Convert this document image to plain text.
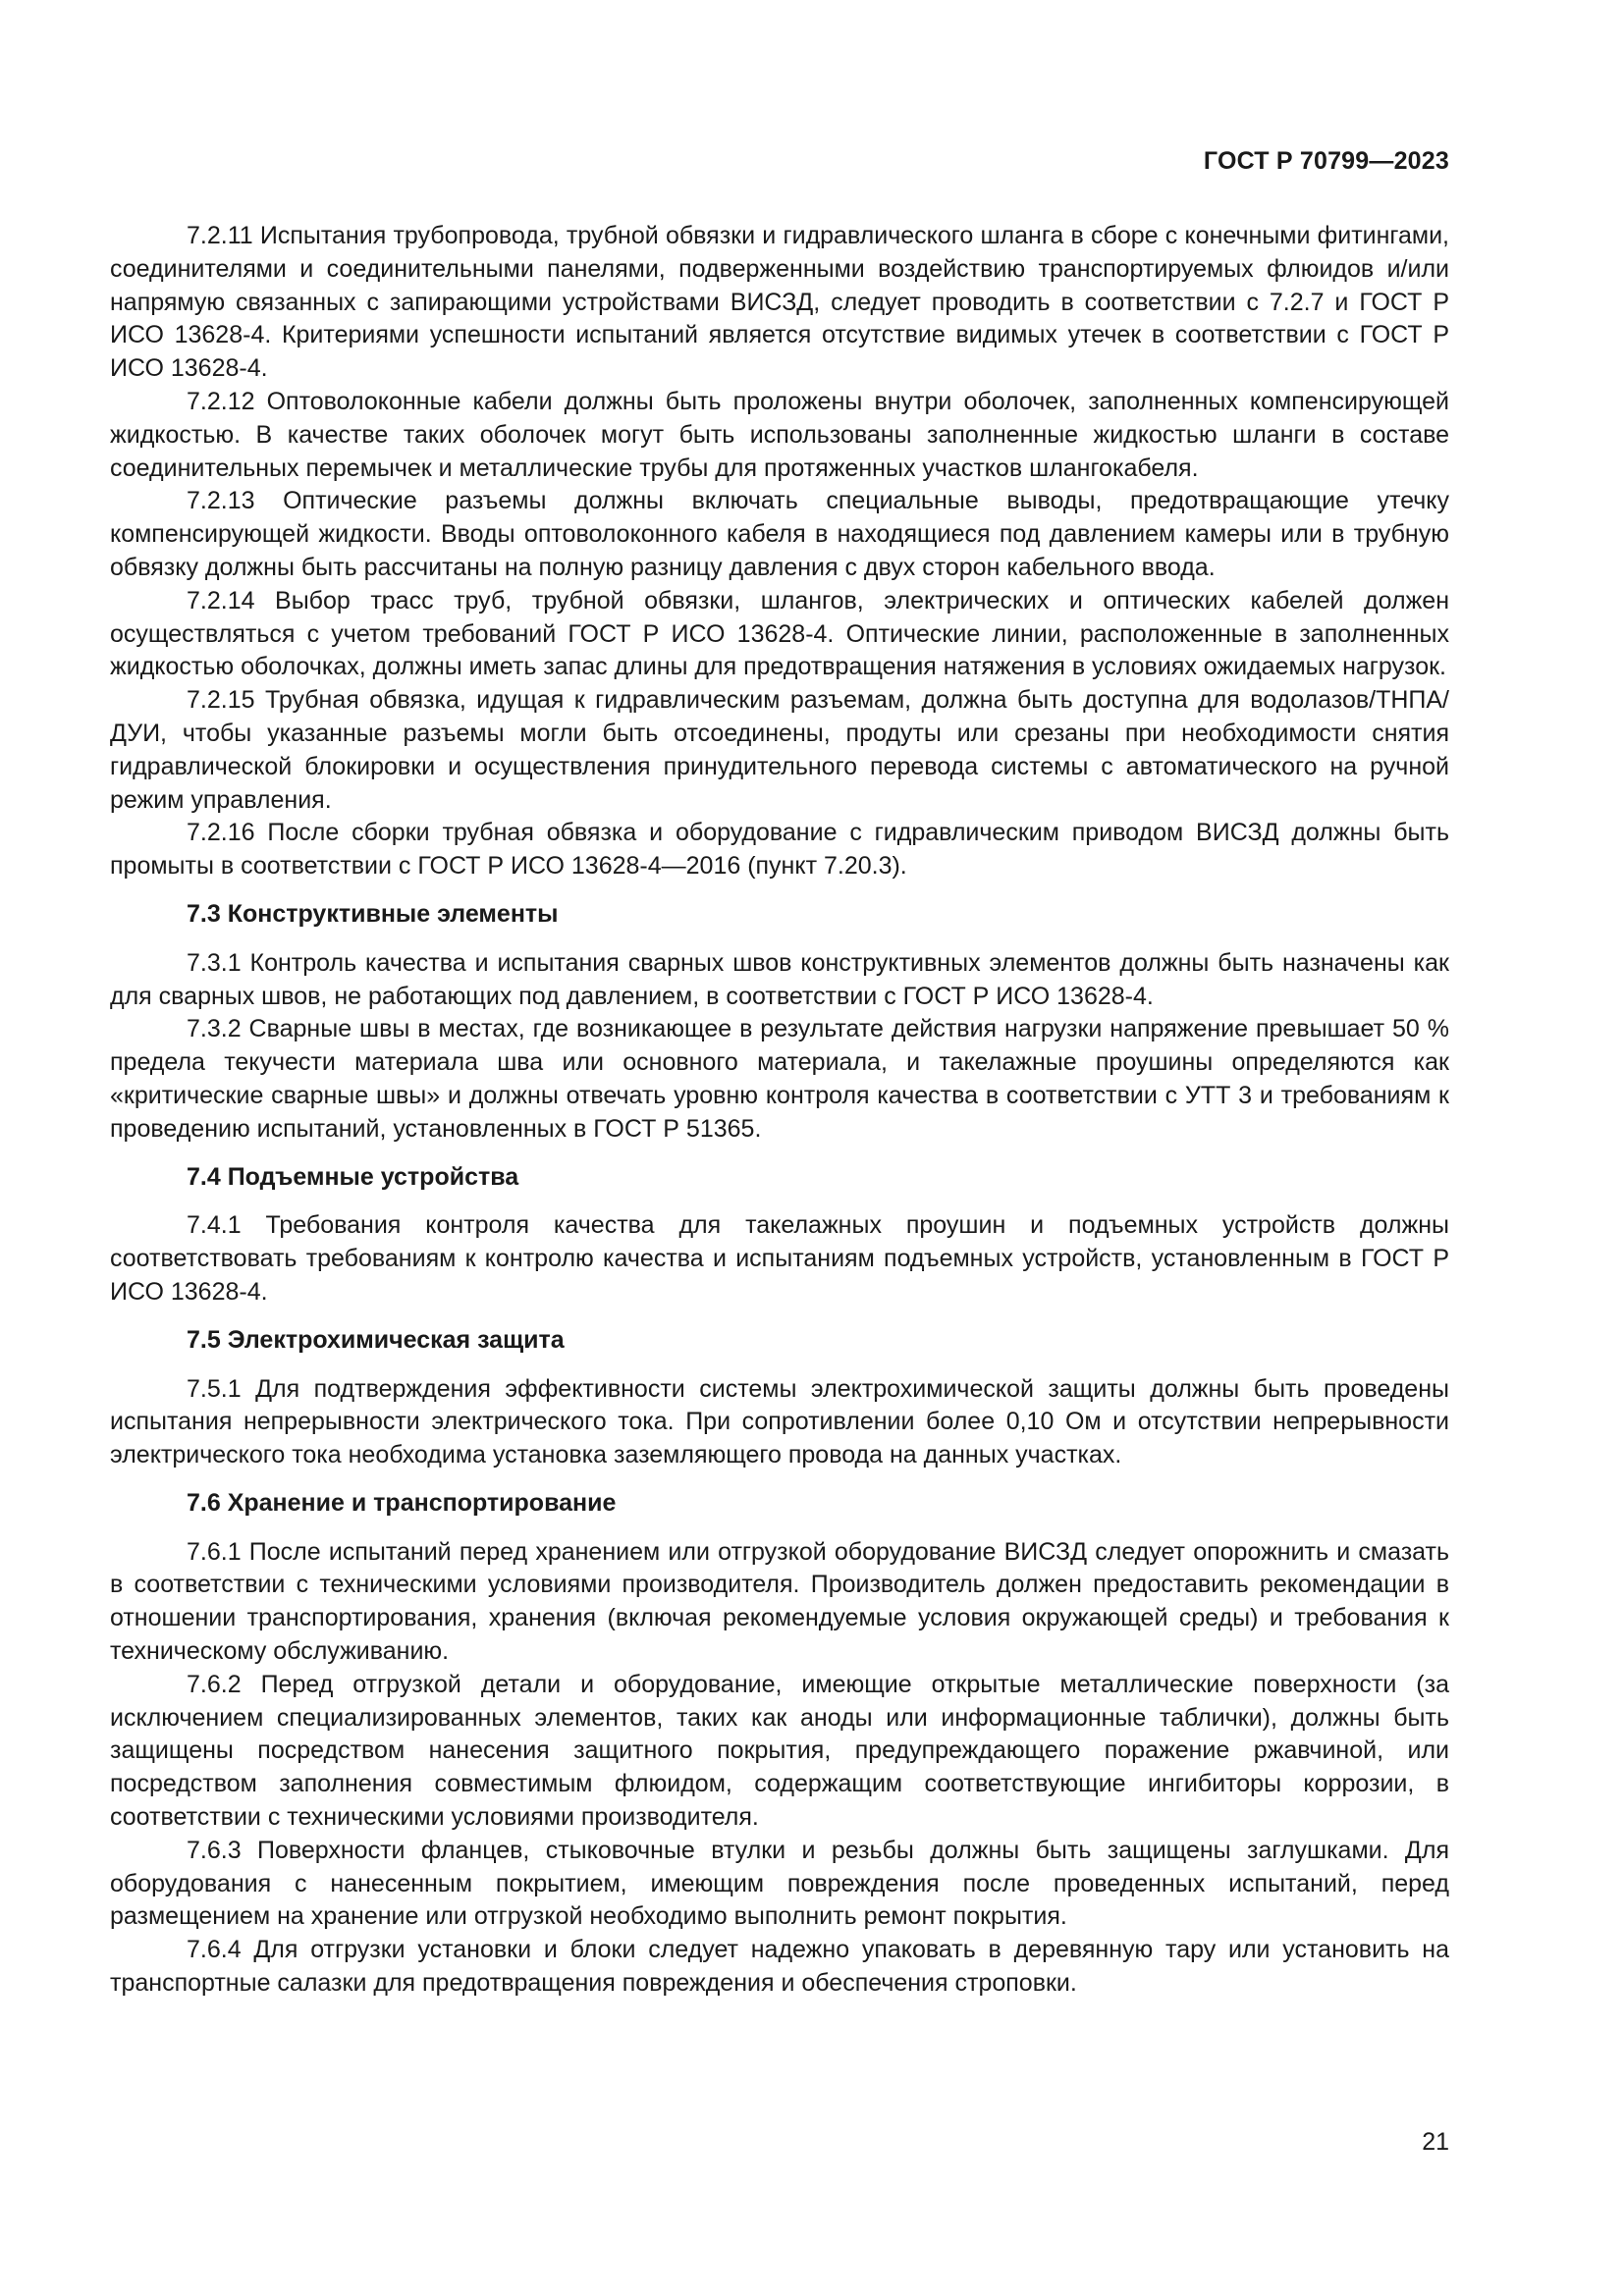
ГОСТ Р 70799—2023

7.2.11 Испытания трубопровода, трубной обвязки и гидравлического шланга в сборе с конечными фитингами, соединителями и соединительными панелями, подверженными воздействию транспортируемых флюидов и/или напрямую связанных с запирающими устройствами ВИСЗД, следует проводить в соответствии с 7.2.7 и ГОСТ Р ИСО 13628-4. Критериями успешности испытаний является отсутствие видимых утечек в соответствии с ГОСТ Р ИСО 13628-4.

7.2.12 Оптоволоконные кабели должны быть проложены внутри оболочек, заполненных компенсирующей жидкостью. В качестве таких оболочек могут быть использованы заполненные жидкостью шланги в составе соединительных перемычек и металлические трубы для протяженных участков шлангокабеля.

7.2.13 Оптические разъемы должны включать специальные выводы, предотвращающие утечку компенсирующей жидкости. Вводы оптоволоконного кабеля в находящиеся под давлением камеры или в трубную обвязку должны быть рассчитаны на полную разницу давления с двух сторон кабельного ввода.

7.2.14 Выбор трасс труб, трубной обвязки, шлангов, электрических и оптических кабелей должен осуществляться с учетом требований ГОСТ Р ИСО 13628-4. Оптические линии, расположенные в заполненных жидкостью оболочках, должны иметь запас длины для предотвращения натяжения в условиях ожидаемых нагрузок.

7.2.15 Трубная обвязка, идущая к гидравлическим разъемам, должна быть доступна для водолазов/ТНПА/ДУИ, чтобы указанные разъемы могли быть отсоединены, продуты или срезаны при необходимости снятия гидравлической блокировки и осуществления принудительного перевода системы с автоматического на ручной режим управления.

7.2.16 После сборки трубная обвязка и оборудование с гидравлическим приводом ВИСЗД должны быть промыты в соответствии с ГОСТ Р ИСО 13628-4—2016 (пункт 7.20.3).

7.3 Конструктивные элементы

7.3.1 Контроль качества и испытания сварных швов конструктивных элементов должны быть назначены как для сварных швов, не работающих под давлением, в соответствии с ГОСТ Р ИСО 13628-4.

7.3.2 Сварные швы в местах, где возникающее в результате действия нагрузки напряжение превышает 50 % предела текучести материала шва или основного материала, и такелажные проушины определяются как «критические сварные швы» и должны отвечать уровню контроля качества в соответствии с УТТ 3 и требованиям к проведению испытаний, установленных в ГОСТ Р 51365.

7.4 Подъемные устройства

7.4.1 Требования контроля качества для такелажных проушин и подъемных устройств должны соответствовать требованиям к контролю качества и испытаниям подъемных устройств, установленным в ГОСТ Р ИСО 13628-4.

7.5 Электрохимическая защита

7.5.1 Для подтверждения эффективности системы электрохимической защиты должны быть проведены испытания непрерывности электрического тока. При сопротивлении более 0,10 Ом и отсутствии непрерывности электрического тока необходима установка заземляющего провода на данных участках.

7.6 Хранение и транспортирование

7.6.1 После испытаний перед хранением или отгрузкой оборудование ВИСЗД следует опорожнить и смазать в соответствии с техническими условиями производителя. Производитель должен предоставить рекомендации в отношении транспортирования, хранения (включая рекомендуемые условия окружающей среды) и требования к техническому обслуживанию.

7.6.2 Перед отгрузкой детали и оборудование, имеющие открытые металлические поверхности (за исключением специализированных элементов, таких как аноды или информационные таблички), должны быть защищены посредством нанесения защитного покрытия, предупреждающего поражение ржавчиной, или посредством заполнения совместимым флюидом, содержащим соответствующие ингибиторы коррозии, в соответствии с техническими условиями производителя.

7.6.3 Поверхности фланцев, стыковочные втулки и резьбы должны быть защищены заглушками. Для оборудования с нанесенным покрытием, имеющим повреждения после проведенных испытаний, перед размещением на хранение или отгрузкой необходимо выполнить ремонт покрытия.

7.6.4 Для отгрузки установки и блоки следует надежно упаковать в деревянную тару или установить на транспортные салазки для предотвращения повреждения и обеспечения строповки.

21
